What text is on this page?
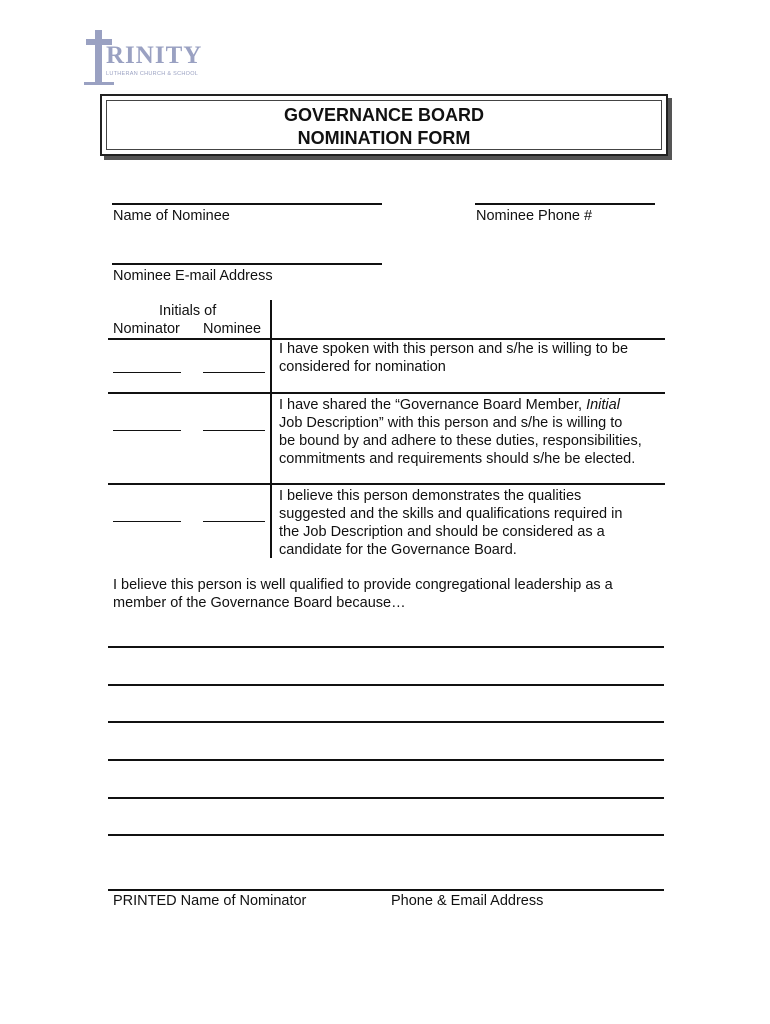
RINITY
LUTHERAN CHURCH & SCHOOL
GOVERNANCE BOARD
NOMINATION FORM
Name of Nominee	Nominee Phone #
Nominee E-mail Address
Initials of
Nominator Nominee
I have spoken with this person and s/he is willing to be
considered for nomination
I have shared the “Governance Board Member, Initial
Job Description” with this person and s/he is willing to
be bound by and adhere to these duties, responsibilities,
commitments and requirements should s/he be elected.
I believe this person demonstrates the qualities
suggested and the skills and qualifications required in
the Job Description and should be considered as a
candidate for the Governance Board.
I believe this person is well qualified to provide congregational leadership as a
member of the Governance Board because…
PRINTED Name of Nominator	Phone & Email Address
